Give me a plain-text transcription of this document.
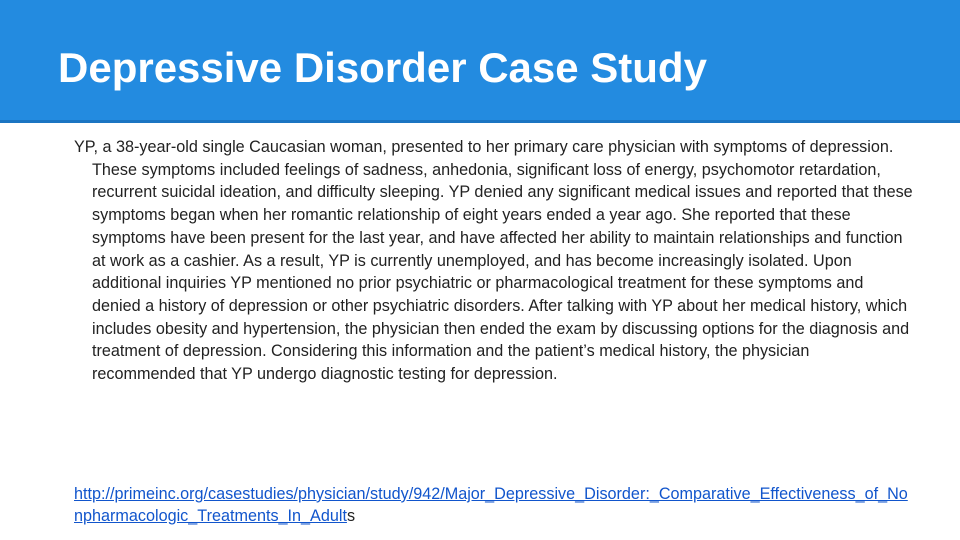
Depressive Disorder Case Study

YP, a 38-year-old single Caucasian woman, presented to her primary care physician with symptoms of depression. These symptoms included feelings of sadness, anhedonia, significant loss of energy, psychomotor retardation, recurrent suicidal ideation, and difficulty sleeping. YP denied any significant medical issues and reported that these symptoms began when her romantic relationship of eight years ended a year ago. She reported that these symptoms have been present for the last year, and have affected her ability to maintain relationships and function at work as a cashier. As a result, YP is currently unemployed, and has become increasingly isolated. Upon additional inquiries YP mentioned no prior psychiatric or pharmacological treatment for these symptoms and denied a history of depression or other psychiatric disorders. After talking with YP about her medical history, which includes obesity and hypertension, the physician then ended the exam by discussing options for the diagnosis and treatment of depression. Considering this information and the patient’s medical history, the physician recommended that YP undergo diagnostic testing for depression.

http://primeinc.org/casestudies/physician/study/942/Major_Depressive_Disorder:_Comparative_Effectiveness_of_Nonpharmacologic_Treatments_In_Adults
